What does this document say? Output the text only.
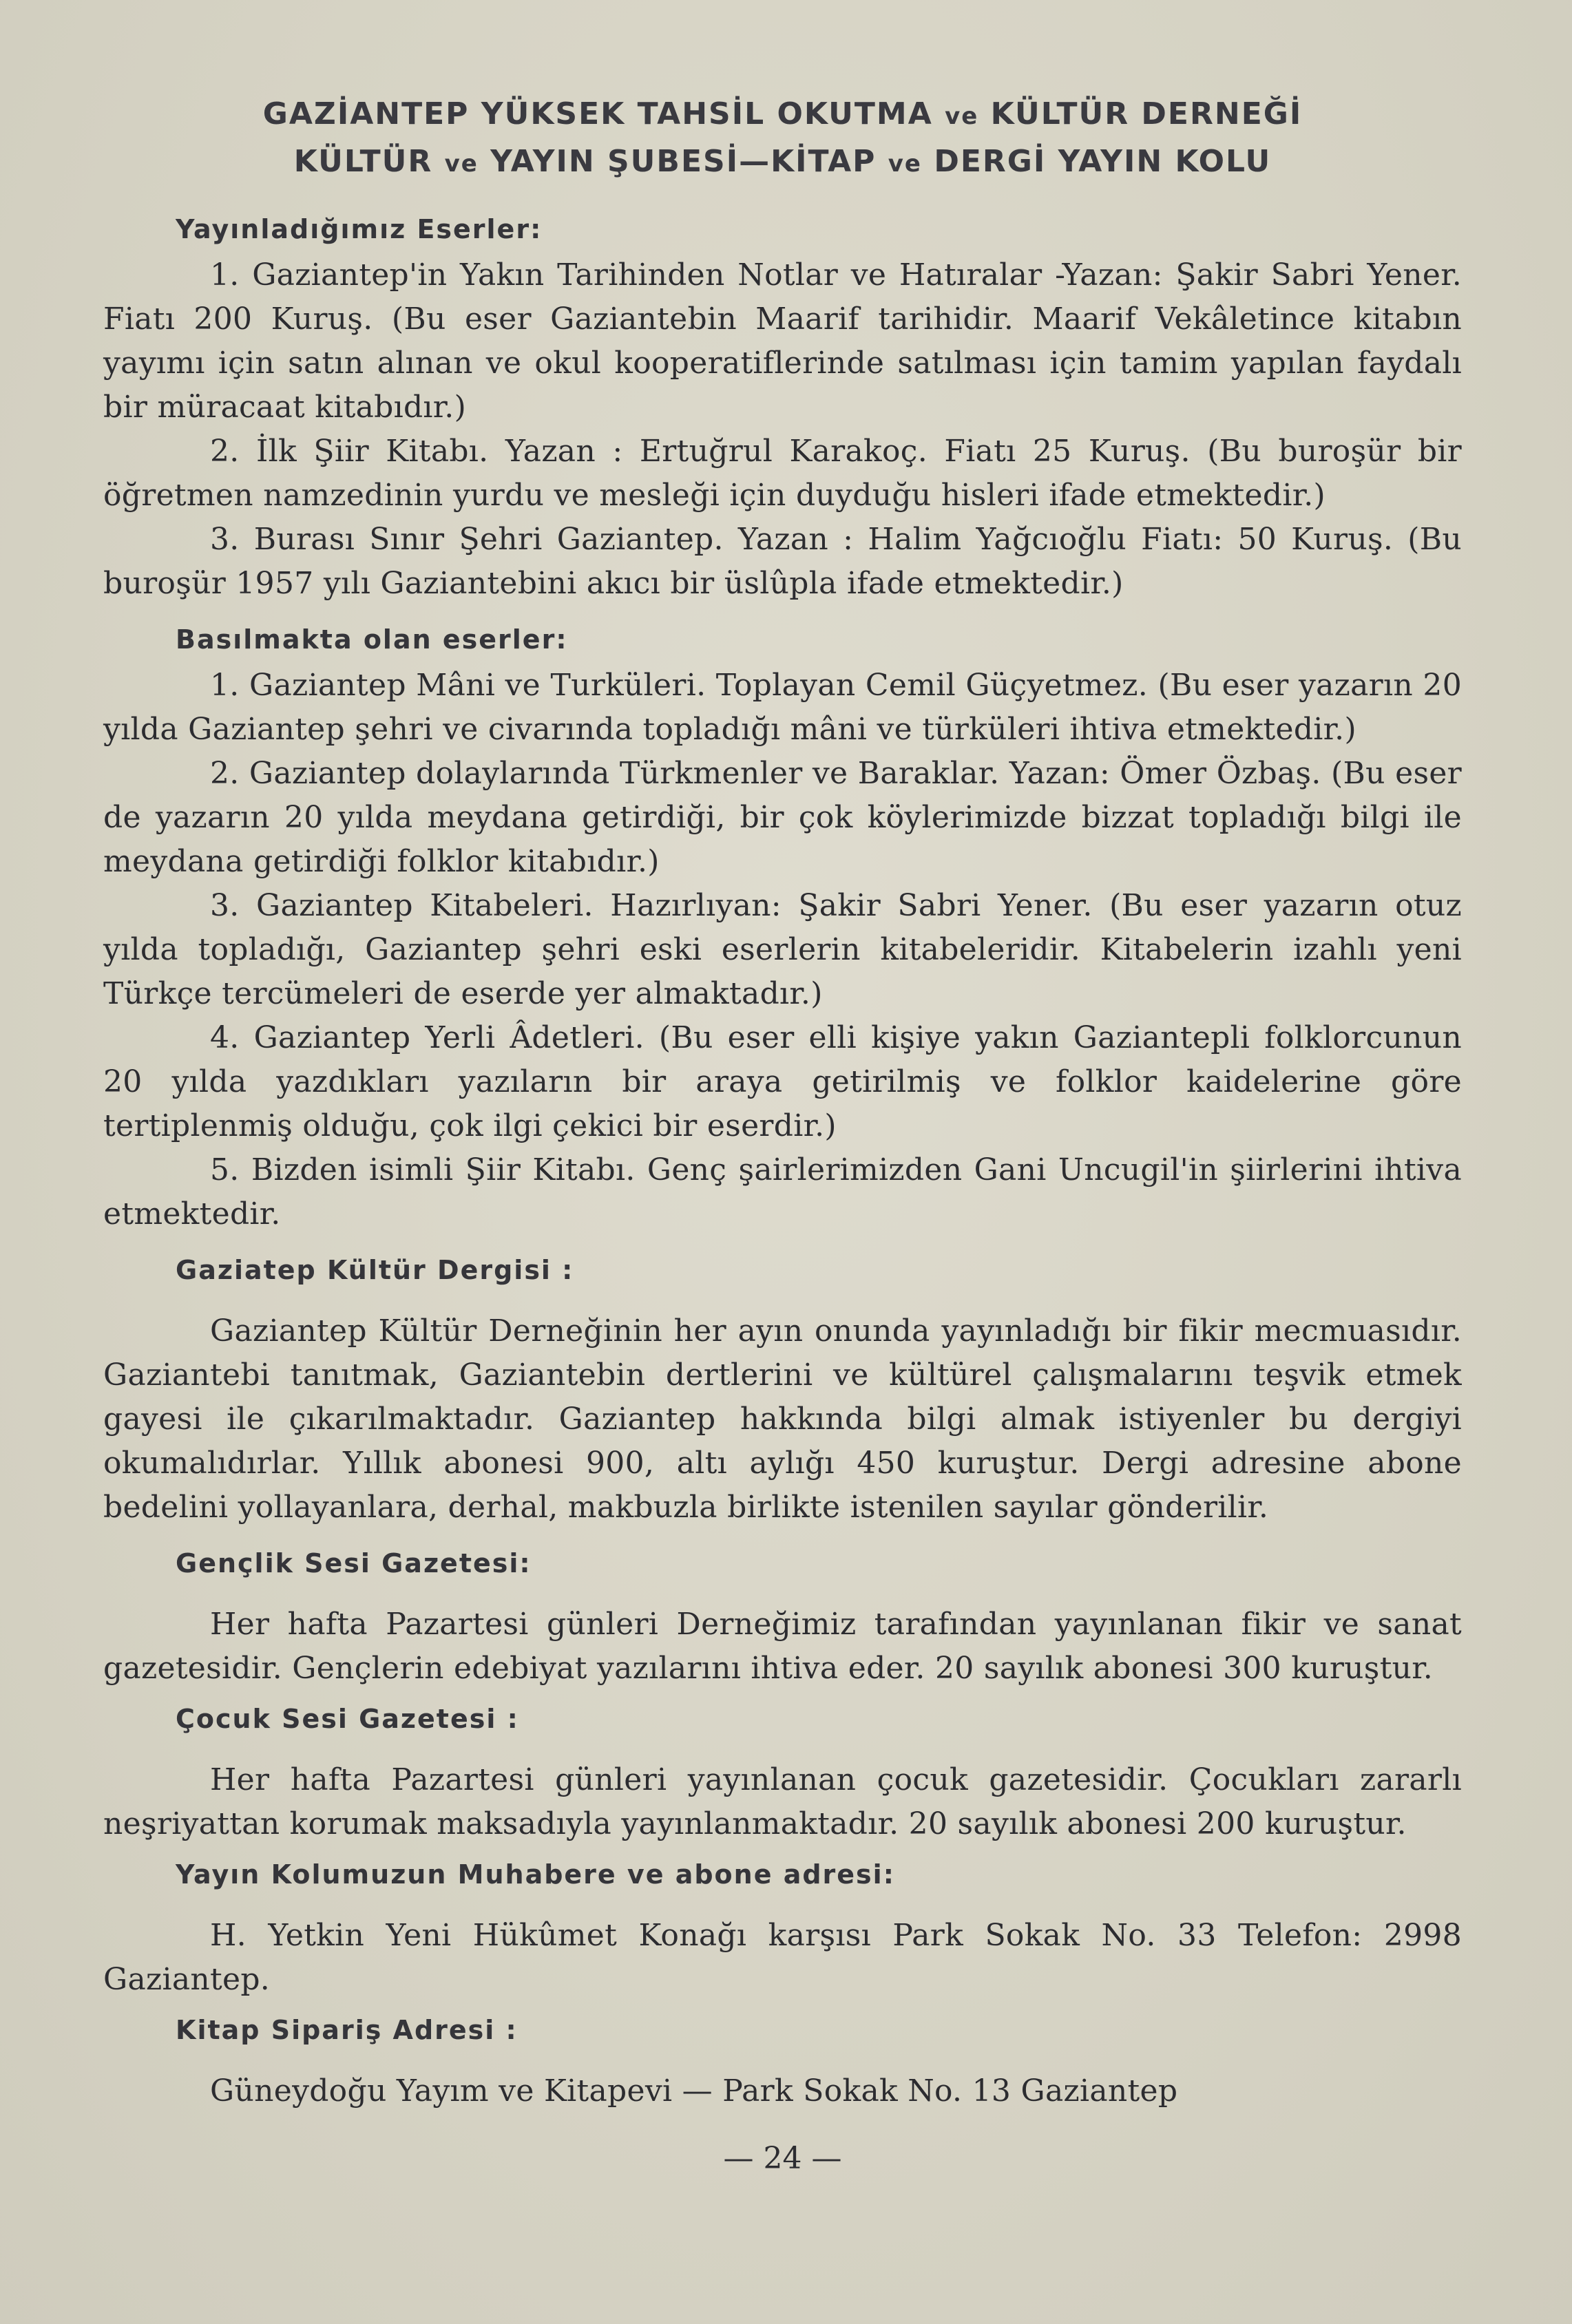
GAZİANTEP YÜKSEK TAHSİL OKUTMA ve KÜLTÜR DERNEĞİ
KÜLTÜR ve YAYIN ŞUBESİ—KİTAP ve DERGİ YAYIN KOLU
Yayınladığımız Eserler:

1. Gaziantep'in Yakın Tarihinden Notlar ve Hatıralar -Yazan: Şakir Sabri Yener. Fiatı 200 Kuruş. (Bu eser Gaziantebin Maarif tarihidir. Maarif Vekâletince kitabın yayımı için satın alınan ve okul kooperatiflerinde satılması için tamim yapılan faydalı bir müracaat kitabıdır.)

2. İlk Şiir Kitabı. Yazan : Ertuğrul Karakoç. Fiatı 25 Kuruş. (Bu buroşür bir öğretmen namzedinin yurdu ve mesleği için duyduğu hisleri ifade etmektedir.)

3. Burası Sınır Şehri Gaziantep. Yazan : Halim Yağcıoğlu Fiatı: 50 Kuruş. (Bu buroşür 1957 yılı Gaziantebini akıcı bir üslûpla ifade etmektedir.)

Basılmakta olan eserler:

1. Gaziantep Mâni ve Turküleri. Toplayan Cemil Güçyetmez. (Bu eser yazarın 20 yılda Gaziantep şehri ve civarında topladığı mâni ve türküleri ihtiva etmektedir.)

2. Gaziantep dolaylarında Türkmenler ve Baraklar. Yazan: Ömer Özbaş. (Bu eser de yazarın 20 yılda meydana getirdiği, bir çok köylerimizde bizzat topladığı bilgi ile meydana getirdiği folklor kitabıdır.)

3. Gaziantep Kitabeleri. Hazırlıyan: Şakir Sabri Yener. (Bu eser yazarın otuz yılda topladığı, Gaziantep şehri eski eserlerin kitabeleridir. Kitabelerin izahlı yeni Türkçe tercümeleri de eserde yer almaktadır.)

4. Gaziantep Yerli Âdetleri. (Bu eser elli kişiye yakın Gaziantepli folklorcunun 20 yılda yazdıkları yazıların bir araya getirilmiş ve folklor kaidelerine göre tertiplenmiş olduğu, çok ilgi çekici bir eserdir.)

5. Bizden isimli Şiir Kitabı. Genç şairlerimizden Gani Uncugil'in şiirlerini ihtiva etmektedir.

Gaziatep Kültür Dergisi :

Gaziantep Kültür Derneğinin her ayın onunda yayınladığı bir fikir mecmuasıdır. Gaziantebi tanıtmak, Gaziantebin dertlerini ve kültürel çalışmalarını teşvik etmek gayesi ile çıkarılmaktadır. Gaziantep hakkında bilgi almak istiyenler bu dergiyi okumalıdırlar. Yıllık abonesi 900, altı aylığı 450 kuruştur. Dergi adresine abone bedelini yollayanlara, derhal, makbuzla birlikte istenilen sayılar gönderilir.

Gençlik Sesi Gazetesi:

Her hafta Pazartesi günleri Derneğimiz tarafından yayınlanan fikir ve sanat gazetesidir. Gençlerin edebiyat yazılarını ihtiva eder. 20 sayılık abonesi 300 kuruştur.

Çocuk Sesi Gazetesi :

Her hafta Pazartesi günleri yayınlanan çocuk gazetesidir. Çocukları zararlı neşriyattan korumak maksadıyla yayınlanmaktadır. 20 sayılık abonesi 200 kuruştur.

Yayın Kolumuzun Muhabere ve abone adresi:

H. Yetkin Yeni Hükûmet Konağı karşısı Park Sokak No. 33 Telefon: 2998 Gaziantep.

Kitap Sipariş Adresi :

Güneydoğu Yayım ve Kitapevi — Park Sokak No. 13 Gaziantep

— 24 —
